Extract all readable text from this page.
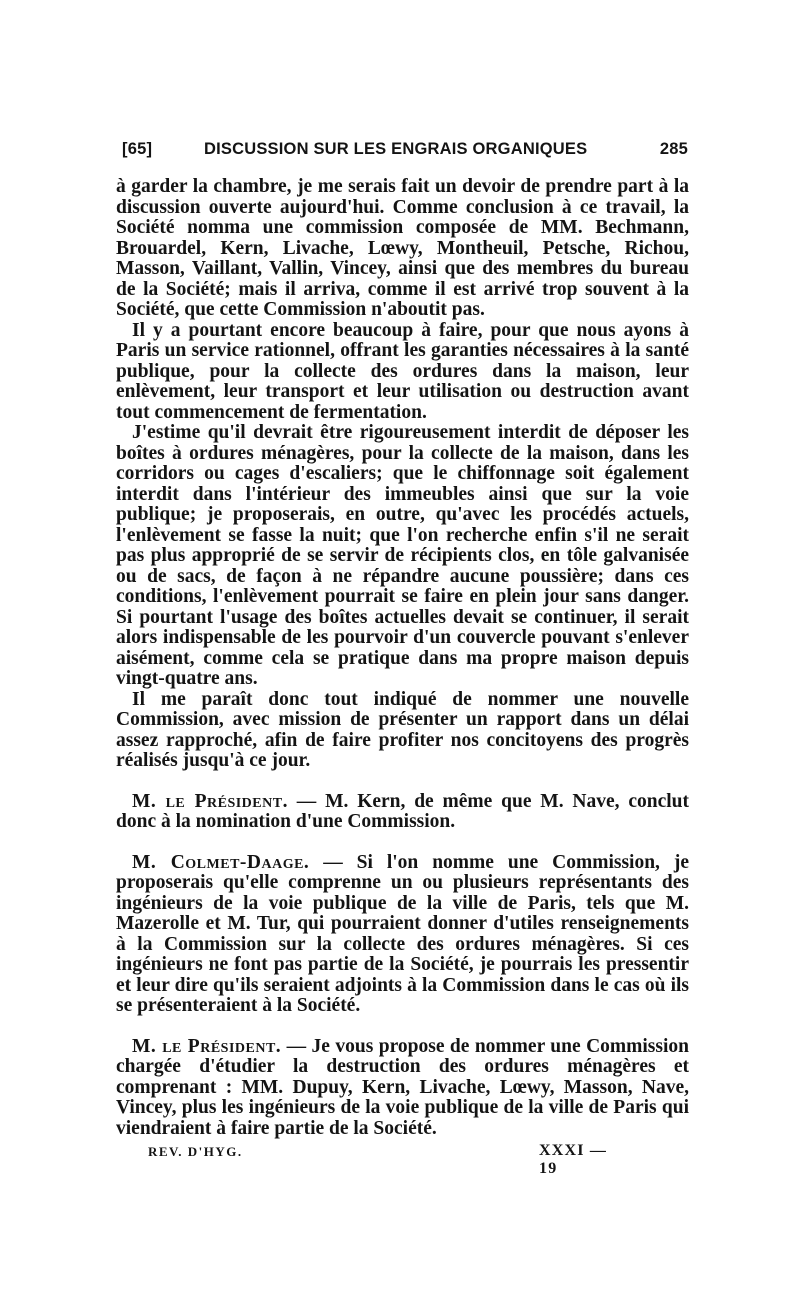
[65]	DISCUSSION SUR LES ENGRAIS ORGANIQUES	285

à garder la chambre, je me serais fait un devoir de prendre part à la discussion ouverte aujourd'hui. Comme conclusion à ce travail, la Société nomma une commission composée de MM. Bechmann, Brouardel, Kern, Livache, Lœwy, Montheuil, Petsche, Richou, Masson, Vaillant, Vallin, Vincey, ainsi que des membres du bureau de la Société; mais il arriva, comme il est arrivé trop souvent à la Société, que cette Commission n'aboutit pas.

Il y a pourtant encore beaucoup à faire, pour que nous ayons à Paris un service rationnel, offrant les garanties nécessaires à la santé publique, pour la collecte des ordures dans la maison, leur enlèvement, leur transport et leur utilisation ou destruction avant tout commencement de fermentation.

J'estime qu'il devrait être rigoureusement interdit de déposer les boîtes à ordures ménagères, pour la collecte de la maison, dans les corridors ou cages d'escaliers; que le chiffonnage soit également interdit dans l'intérieur des immeubles ainsi que sur la voie publique; je proposerais, en outre, qu'avec les procédés actuels, l'enlèvement se fasse la nuit; que l'on recherche enfin s'il ne serait pas plus approprié de se servir de récipients clos, en tôle galvanisée ou de sacs, de façon à ne répandre aucune poussière; dans ces conditions, l'enlèvement pourrait se faire en plein jour sans danger. Si pourtant l'usage des boîtes actuelles devait se continuer, il serait alors indispensable de les pourvoir d'un couvercle pouvant s'enlever aisément, comme cela se pratique dans ma propre maison depuis vingt-quatre ans.

Il me paraît donc tout indiqué de nommer une nouvelle Commission, avec mission de présenter un rapport dans un délai assez rapproché, afin de faire profiter nos concitoyens des progrès réalisés jusqu'à ce jour.

M. le Président. — M. Kern, de même que M. Nave, conclut donc à la nomination d'une Commission.

M. Colmet-Daage. — Si l'on nomme une Commission, je proposerais qu'elle comprenne un ou plusieurs représentants des ingénieurs de la voie publique de la ville de Paris, tels que M. Mazerolle et M. Tur, qui pourraient donner d'utiles renseignements à la Commission sur la collecte des ordures ménagères. Si ces ingénieurs ne font pas partie de la Société, je pourrais les pressentir et leur dire qu'ils seraient adjoints à la Commission dans le cas où ils se présenteraient à la Société.

M. le Président. — Je vous propose de nommer une Commission chargée d'étudier la destruction des ordures ménagères et comprenant : MM. Dupuy, Kern, Livache, Lœwy, Masson, Nave, Vincey, plus les ingénieurs de la voie publique de la ville de Paris qui viendraient à faire partie de la Société.

REV. D'HYG.	XXXI — 19
